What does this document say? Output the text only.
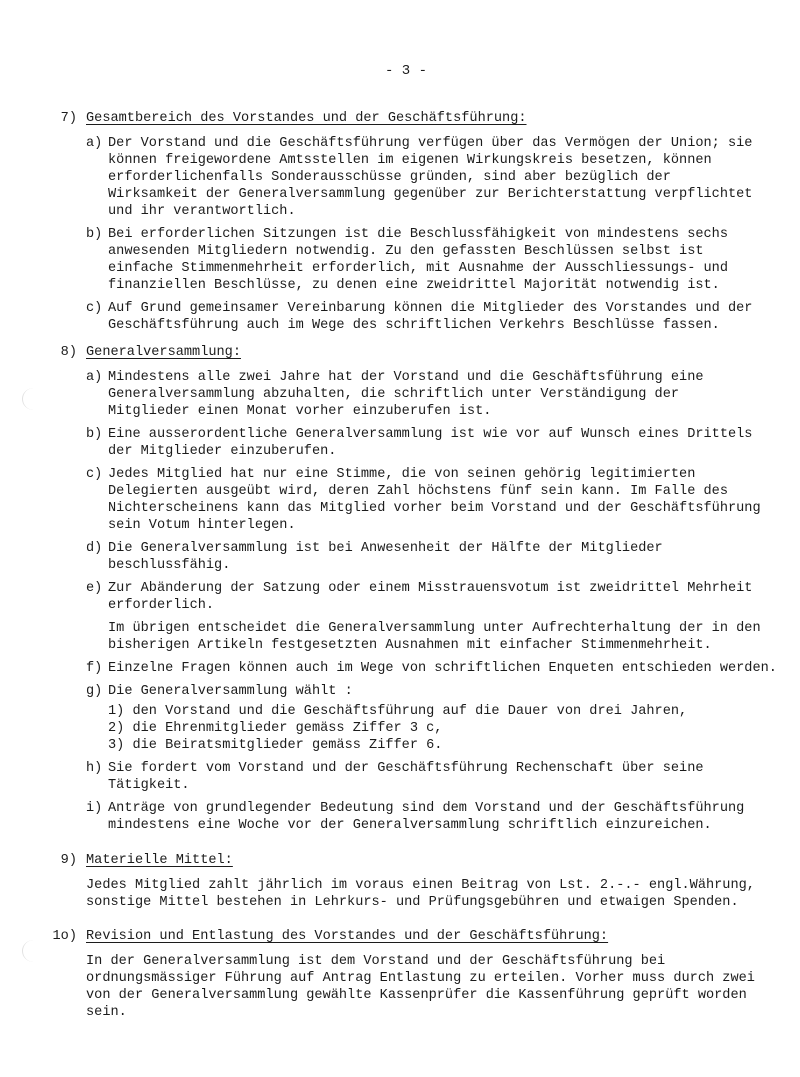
- 3 -
7) Gesamtbereich des Vorstandes und der Geschäftsführung:
a) Der Vorstand und die Geschäftsführung verfügen über das Vermögen der Union; sie können freigewordene Amtsstellen im eigenen Wirkungskreis besetzen, können erforderlichenfalls Sonderausschüsse gründen, sind aber bezüglich der Wirksamkeit der Generalversammlung gegenüber zur Berichterstattung verpflichtet und ihr verantwortlich.
b) Bei erforderlichen Sitzungen ist die Beschlussfähigkeit von mindestens sechs anwesenden Mitgliedern notwendig. Zu den gefassten Beschlüssen selbst ist einfache Stimmenmehrheit erforderlich, mit Ausnahme der Ausschliessungs- und finanziellen Beschlüsse, zu denen eine zweidrittel Majorität notwendig ist.
c) Auf Grund gemeinsamer Vereinbarung können die Mitglieder des Vorstandes und der Geschäftsführung auch im Wege des schriftlichen Verkehrs Beschlüsse fassen.
8) Generalversammlung:
a) Mindestens alle zwei Jahre hat der Vorstand und die Geschäftsführung eine Generalversammlung abzuhalten, die schriftlich unter Verständigung der Mitglieder einen Monat vorher einzuberufen ist.
b) Eine ausserordentliche Generalversammlung ist wie vor auf Wunsch eines Drittels der Mitglieder einzuberufen.
c) Jedes Mitglied hat nur eine Stimme, die von seinen gehörig legitimierten Delegierten ausgeübt wird, deren Zahl höchstens fünf sein kann. Im Falle des Nichterscheinens kann das Mitglied vorher beim Vorstand und der Geschäftsführung sein Votum hinterlegen.
d) Die Generalversammlung ist bei Anwesenheit der Hälfte der Mitglieder beschlussfähig.
e) Zur Abänderung der Satzung oder einem Misstrauensvotum ist zweidrittel Mehrheit erforderlich.
Im übrigen entscheidet die Generalversammlung unter Aufrechterhaltung der in den bisherigen Artikeln festgesetzten Ausnahmen mit einfacher Stimmenmehrheit.
f) Einzelne Fragen können auch im Wege von schriftlichen Enqueten entschieden werden.
g) Die Generalversammlung wählt :
1) den Vorstand und die Geschäftsführung auf die Dauer von drei Jahren,
2) die Ehrenmitglieder gemäss Ziffer 3 c,
3) die Beiratsmitglieder gemäss Ziffer 6.
h) Sie fordert vom Vorstand und der Geschäftsführung Rechenschaft über seine Tätigkeit.
i) Anträge von grundlegender Bedeutung sind dem Vorstand und der Geschäftsführung mindestens eine Woche vor der Generalversammlung schriftlich einzureichen.
9) Materielle Mittel:
Jedes Mitglied zahlt jährlich im voraus einen Beitrag von Lst. 2.-.- engl.Währung, sonstige Mittel bestehen in Lehrkurs- und Prüfungsgebühren und etwaigen Spenden.
1o) Revision und Entlastung des Vorstandes und der Geschäftsführung:
In der Generalversammlung ist dem Vorstand und der Geschäftsführung bei ordnungsmässiger Führung auf Antrag Entlastung zu erteilen. Vorher muss durch zwei von der Generalversammlung gewählte Kassenprüfer die Kassenführung geprüft worden sein.
